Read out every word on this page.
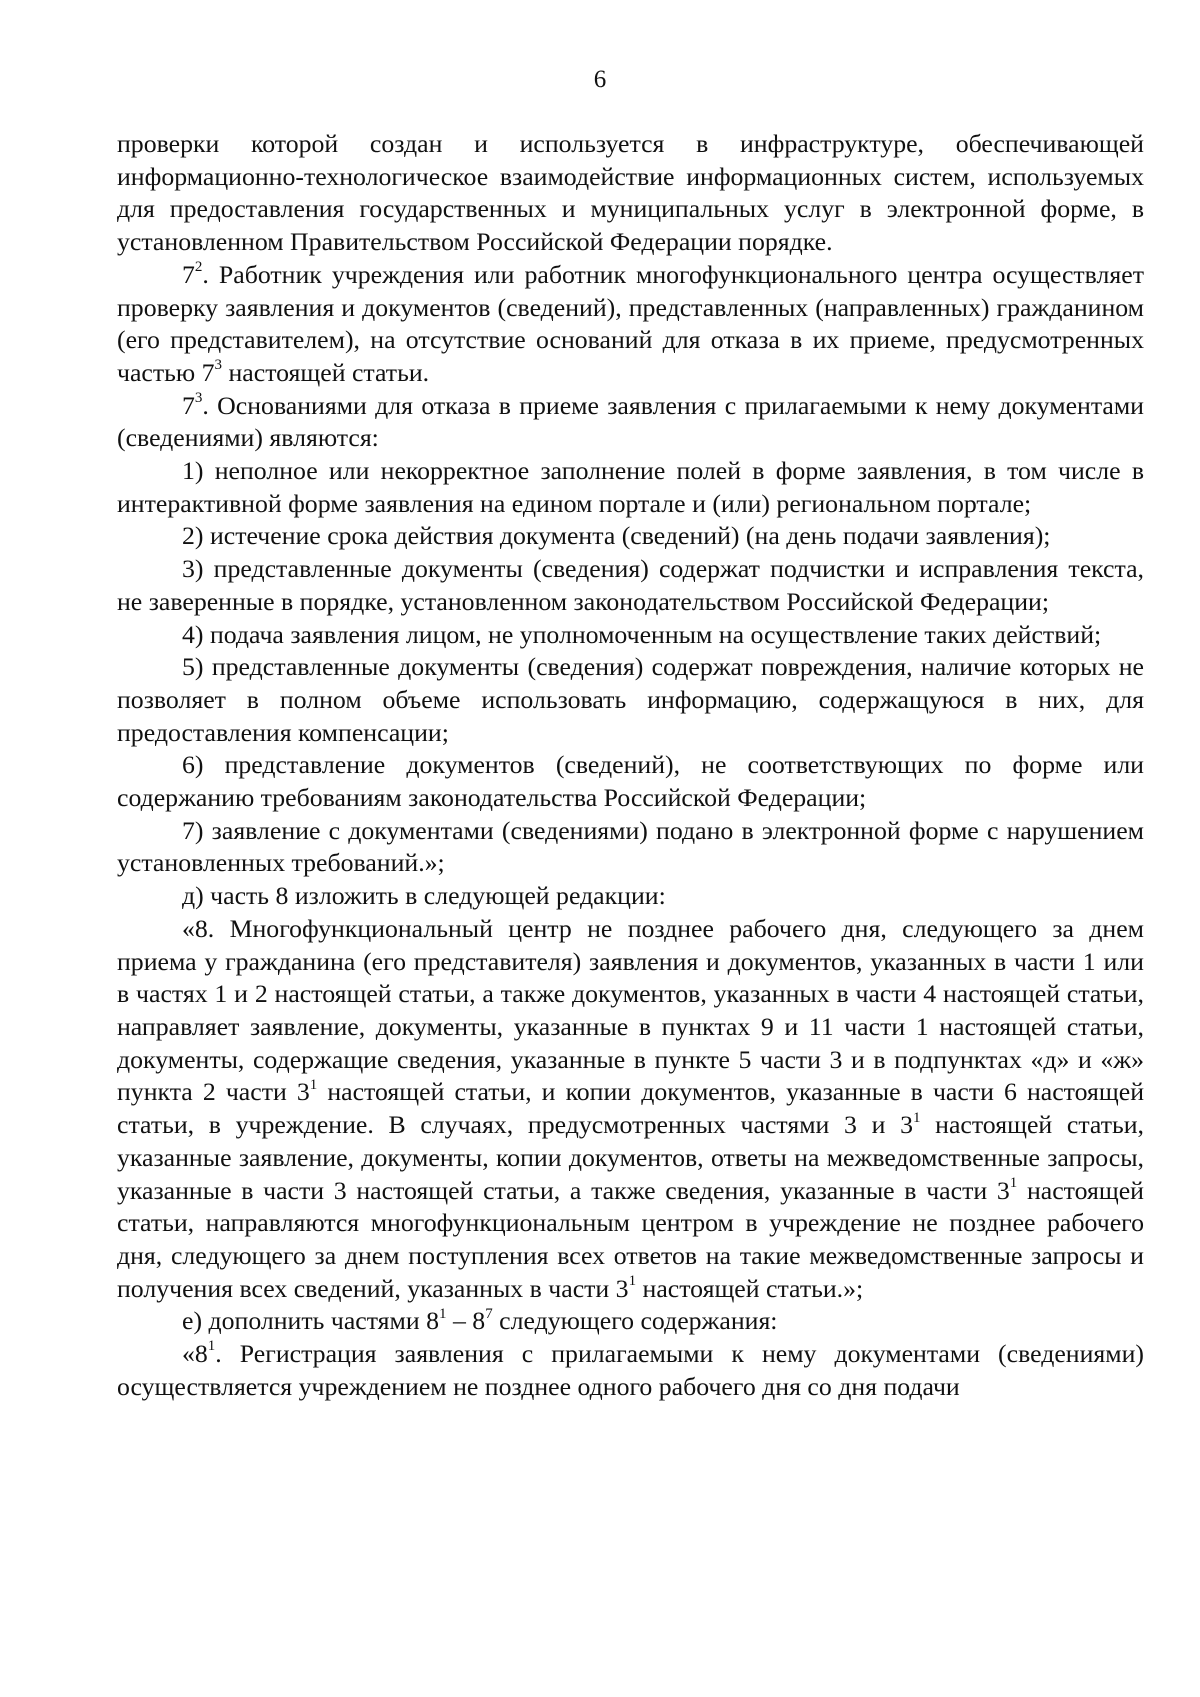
6

проверки которой создан и используется в инфраструктуре, обеспечивающей информационно-технологическое взаимодействие информационных систем, используемых для предоставления государственных и муниципальных услуг в электронной форме, в установленном Правительством Российской Федерации порядке.

$7^2$. Работник учреждения или работник многофункционального центра осуществляет проверку заявления и документов (сведений), представленных (направленных) гражданином (его представителем), на отсутствие оснований для отказа в их приеме, предусмотренных частью $7^3$ настоящей статьи.

$7^3$. Основаниями для отказа в приеме заявления с прилагаемыми к нему документами (сведениями) являются:

1) неполное или некорректное заполнение полей в форме заявления, в том числе в интерактивной форме заявления на едином портале и (или) региональном портале;

2) истечение срока действия документа (сведений) (на день подачи заявления);

3) представленные документы (сведения) содержат подчистки и исправления текста, не заверенные в порядке, установленном законодательством Российской Федерации;

4) подача заявления лицом, не уполномоченным на осуществление таких действий;

5) представленные документы (сведения) содержат повреждения, наличие которых не позволяет в полном объеме использовать информацию, содержащуюся в них, для предоставления компенсации;

6) представление документов (сведений), не соответствующих по форме или содержанию требованиям законодательства Российской Федерации;

7) заявление с документами (сведениями) подано в электронной форме с нарушением установленных требований.»;

д) часть 8 изложить в следующей редакции:

«8. Многофункциональный центр не позднее рабочего дня, следующего за днем приема у гражданина (его представителя) заявления и документов, указанных в части 1 или в частях 1 и 2 настоящей статьи, а также документов, указанных в части 4 настоящей статьи, направляет заявление, документы, указанные в пунктах 9 и 11 части 1 настоящей статьи, документы, содержащие сведения, указанные в пункте 5 части 3 и в подпунктах «д» и «ж» пункта 2 части $3^1$ настоящей статьи, и копии документов, указанные в части 6 настоящей статьи, в учреждение. В случаях, предусмотренных частями 3 и $3^1$ настоящей статьи, указанные заявление, документы, копии документов, ответы на межведомственные запросы, указанные в части 3 настоящей статьи, а также сведения, указанные в части $3^1$ настоящей статьи, направляются многофункциональным центром в учреждение не позднее рабочего дня, следующего за днем поступления всех ответов на такие межведомственные запросы и получения всех сведений, указанных в части $3^1$ настоящей статьи.»;

е) дополнить частями $8^1 - 8^7$ следующего содержания:

«$8^1$. Регистрация заявления с прилагаемыми к нему документами (сведениями) осуществляется учреждением не позднее одного рабочего дня со дня подачи
